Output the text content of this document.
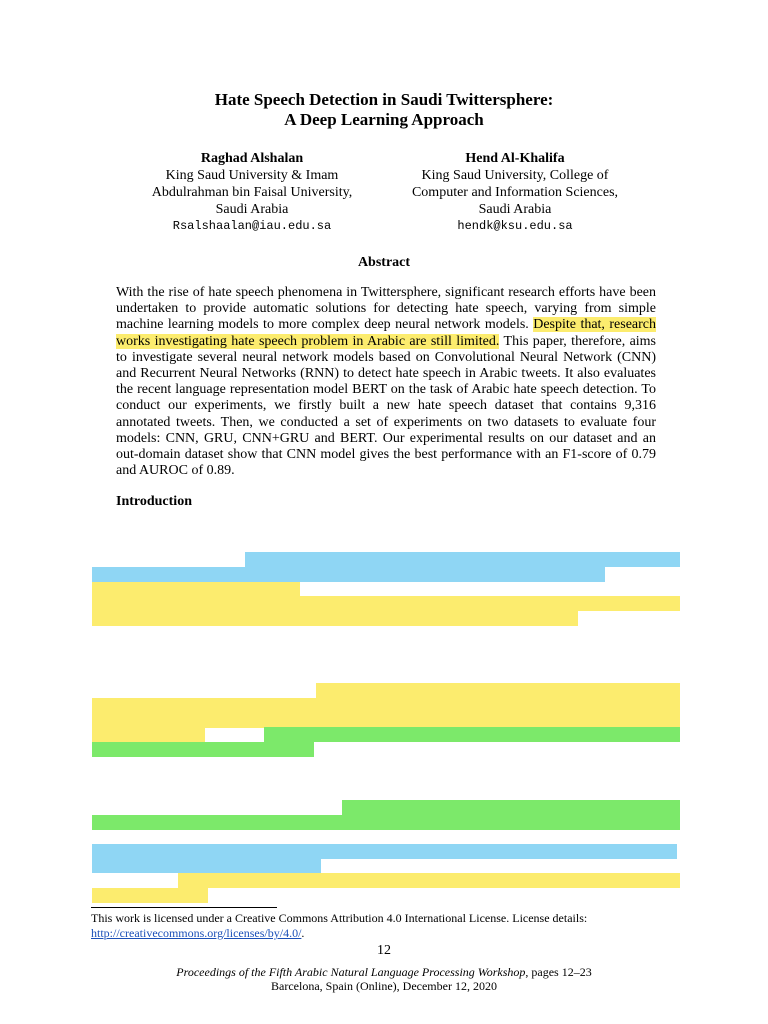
Hate Speech Detection in Saudi Twittersphere:
A Deep Learning Approach
Raghad Alshalan
King Saud University & Imam
Abdulrahman bin Faisal University,
Saudi Arabia
Rsalshaalan@iau.edu.sa
Hend Al-Khalifa
King Saud University, College of
Computer and Information Sciences,
Saudi Arabia
hendk@ksu.edu.sa
Abstract
With the rise of hate speech phenomena in Twittersphere, significant research efforts have been undertaken to provide automatic solutions for detecting hate speech, varying from simple machine learning models to more complex deep neural network models. Despite that, research works investigating hate speech problem in Arabic are still limited. This paper, therefore, aims to investigate several neural network models based on Convolutional Neural Network (CNN) and Recurrent Neural Networks (RNN) to detect hate speech in Arabic tweets. It also evaluates the recent language representation model BERT on the task of Arabic hate speech detection. To conduct our experiments, we firstly built a new hate speech dataset that contains 9,316 annotated tweets. Then, we conducted a set of experiments on two datasets to evaluate four models: CNN, GRU, CNN+GRU and BERT. Our experimental results on our dataset and an out-domain dataset show that CNN model gives the best performance with an F1-score of 0.79 and AUROC of 0.89.
Introduction
This work is licensed under a Creative Commons Attribution 4.0 International License. License details: http://creativecommons.org/licenses/by/4.0/.
12
Proceedings of the Fifth Arabic Natural Language Processing Workshop, pages 12–23
Barcelona, Spain (Online), December 12, 2020
